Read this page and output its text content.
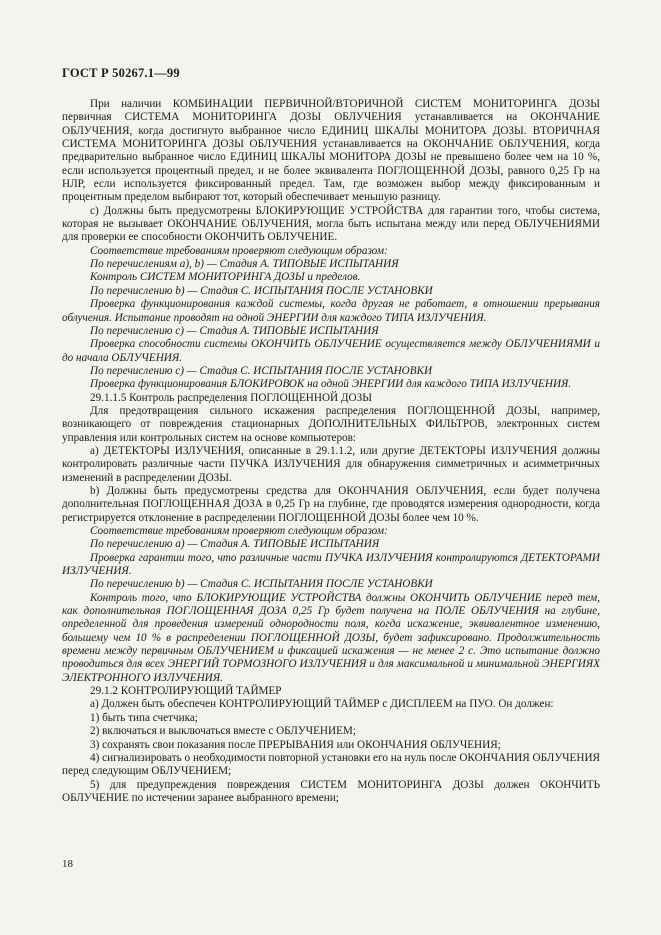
ГОСТ Р 50267.1—99

При наличии КОМБИНАЦИИ ПЕРВИЧНОЙ/ВТОРИЧНОЙ СИСТЕМ МОНИТОРИНГА ДОЗЫ первичная СИСТЕМА МОНИТОРИНГА ДОЗЫ ОБЛУЧЕНИЯ устанавливается на ОКОНЧАНИЕ ОБЛУЧЕНИЯ, когда достигнуто выбранное число ЕДИНИЦ ШКАЛЫ МОНИТОРА ДОЗЫ. ВТОРИЧНАЯ СИСТЕМА МОНИТОРИНГА ДОЗЫ ОБЛУЧЕНИЯ устанавливается на ОКОНЧАНИЕ ОБЛУЧЕНИЯ, когда предварительно выбранное число ЕДИНИЦ ШКАЛЫ МОНИТОРА ДОЗЫ не превышено более чем на 10 %, если используется процентный предел, и не более эквивалента ПОГЛОЩЕННОЙ ДОЗЫ, равного 0,25 Гр на НЛР, если используется фиксированный предел. Там, где возможен выбор между фиксированным и процентным пределом выбирают тот, который обеспечивает меньшую разницу.

с) Должны быть предусмотрены БЛОКИРУЮЩИЕ УСТРОЙСТВА для гарантии того, чтобы система, которая не вызывает ОКОНЧАНИЕ ОБЛУЧЕНИЯ, могла быть испытана между или перед ОБЛУЧЕНИЯМИ для проверки ее способности ОКОНЧИТЬ ОБЛУЧЕНИЕ.

Соответствие требованиям проверяют следующим образом:

По перечислениям а), b) — Стадия А. ТИПОВЫЕ ИСПЫТАНИЯ

Контроль СИСТЕМ МОНИТОРИНГА ДОЗЫ и пределов.

По перечислению b) — Стадия С. ИСПЫТАНИЯ ПОСЛЕ УСТАНОВКИ

Проверка функционирования каждой системы, когда другая не работает, в отношении прерывания облучения. Испытание проводят на одной ЭНЕРГИИ для каждого ТИПА ИЗЛУЧЕНИЯ.

По перечислению с) — Стадия А. ТИПОВЫЕ ИСПЫТАНИЯ

Проверка способности системы ОКОНЧИТЬ ОБЛУЧЕНИЕ осуществляется между ОБЛУЧЕНИЯМИ и до начала ОБЛУЧЕНИЯ.

По перечислению с) — Стадия С. ИСПЫТАНИЯ ПОСЛЕ УСТАНОВКИ

Проверка функционирования БЛОКИРОВОК на одной ЭНЕРГИИ для каждого ТИПА ИЗЛУЧЕНИЯ.

29.1.1.5 Контроль распределения ПОГЛОЩЕННОЙ ДОЗЫ

Для предотвращения сильного искажения распределения ПОГЛОЩЕННОЙ ДОЗЫ, например, возникающего от повреждения стационарных ДОПОЛНИТЕЛЬНЫХ ФИЛЬТРОВ, электронных систем управления или контрольных систем на основе компьютеров:

а) ДЕТЕКТОРЫ ИЗЛУЧЕНИЯ, описанные в 29.1.1.2, или другие ДЕТЕКТОРЫ ИЗЛУЧЕНИЯ должны контролировать различные части ПУЧКА ИЗЛУЧЕНИЯ для обнаружения симметричных и асимметричных изменений в распределении ДОЗЫ.

b) Должны быть предусмотрены средства для ОКОНЧАНИЯ ОБЛУЧЕНИЯ, если будет получена дополнительная ПОГЛОЩЕННАЯ ДОЗА в 0,25 Гр на глубине, где проводятся измерения однородности, когда регистрируется отклонение в распределении ПОГЛОЩЕННОЙ ДОЗЫ более чем 10 %.

Соответствие требованиям проверяют следующим образом:

По перечислению а) — Стадия А. ТИПОВЫЕ ИСПЫТАНИЯ

Проверка гарантии того, что различные части ПУЧКА ИЗЛУЧЕНИЯ контролируются ДЕТЕКТОРАМИ ИЗЛУЧЕНИЯ.

По перечислению b) — Стадия С. ИСПЫТАНИЯ ПОСЛЕ УСТАНОВКИ

Контроль того, что БЛОКИРУЮЩИЕ УСТРОЙСТВА должны ОКОНЧИТЬ ОБЛУЧЕНИЕ перед тем, как дополнительная ПОГЛОЩЕННАЯ ДОЗА 0,25 Гр будет получена на ПОЛЕ ОБЛУЧЕНИЯ на глубине, определенной для проведения измерений однородности поля, когда искажение, эквивалентное изменению, большему чем 10 % в распределении ПОГЛОЩЕННОЙ ДОЗЫ, будет зафиксировано. Продолжительность времени между первичным ОБЛУЧЕНИЕМ и фиксацией искажения — не менее 2 с. Это испытание должно проводиться для всех ЭНЕРГИЙ ТОРМОЗНОГО ИЗЛУЧЕНИЯ и для максимальной и минимальной ЭНЕРГИЯХ ЭЛЕКТРОННОГО ИЗЛУЧЕНИЯ.

29.1.2 КОНТРОЛИРУЮЩИЙ ТАЙМЕР

а) Должен быть обеспечен КОНТРОЛИРУЮЩИЙ ТАЙМЕР с ДИСПЛЕЕМ на ПУО. Он должен:

1) быть типа счетчика;

2) включаться и выключаться вместе с ОБЛУЧЕНИЕМ;

3) сохранять свои показания после ПРЕРЫВАНИЯ или ОКОНЧАНИЯ ОБЛУЧЕНИЯ;

4) сигнализировать о необходимости повторной установки его на нуль после ОКОНЧАНИЯ ОБЛУЧЕНИЯ перед следующим ОБЛУЧЕНИЕМ;

5) для предупреждения повреждения СИСТЕМ МОНИТОРИНГА ДОЗЫ должен ОКОНЧИТЬ ОБЛУЧЕНИЕ по истечении заранее выбранного времени;

18
